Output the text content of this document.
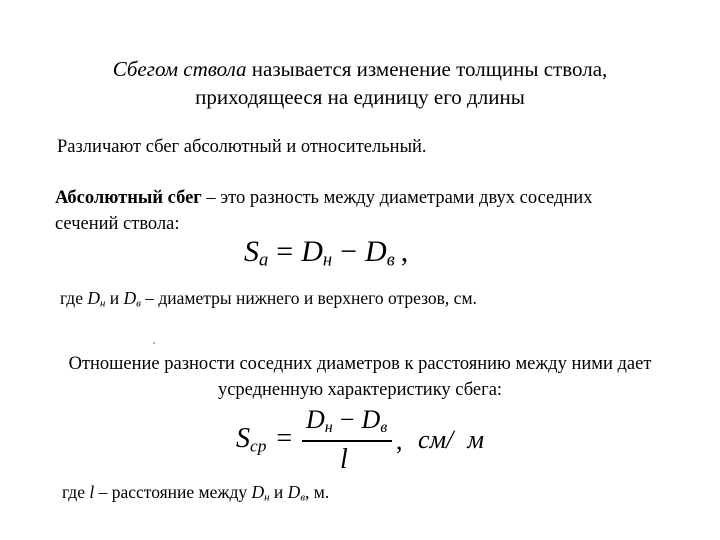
Сбегом ствола называется изменение толщины ствола,
приходящееся на единицу его длины
Различают сбег абсолютный и относительный.
Абсолютный сбег – это разность между диаметрами двух соседних
сечений ствола:
$S_а = D_н - D_в$ ,
где $D_н$ и $D_в$ – диаметры нижнего и верхнего отрезов, см.
Отношение разности соседних диаметров к расстоянию между ними дает
усредненную характеристику сбега:
$S_{ср}$ =
$D_н - D_в$
l
, см/ м
где l – расстояние между $D_н$ и $D_в$, м.
